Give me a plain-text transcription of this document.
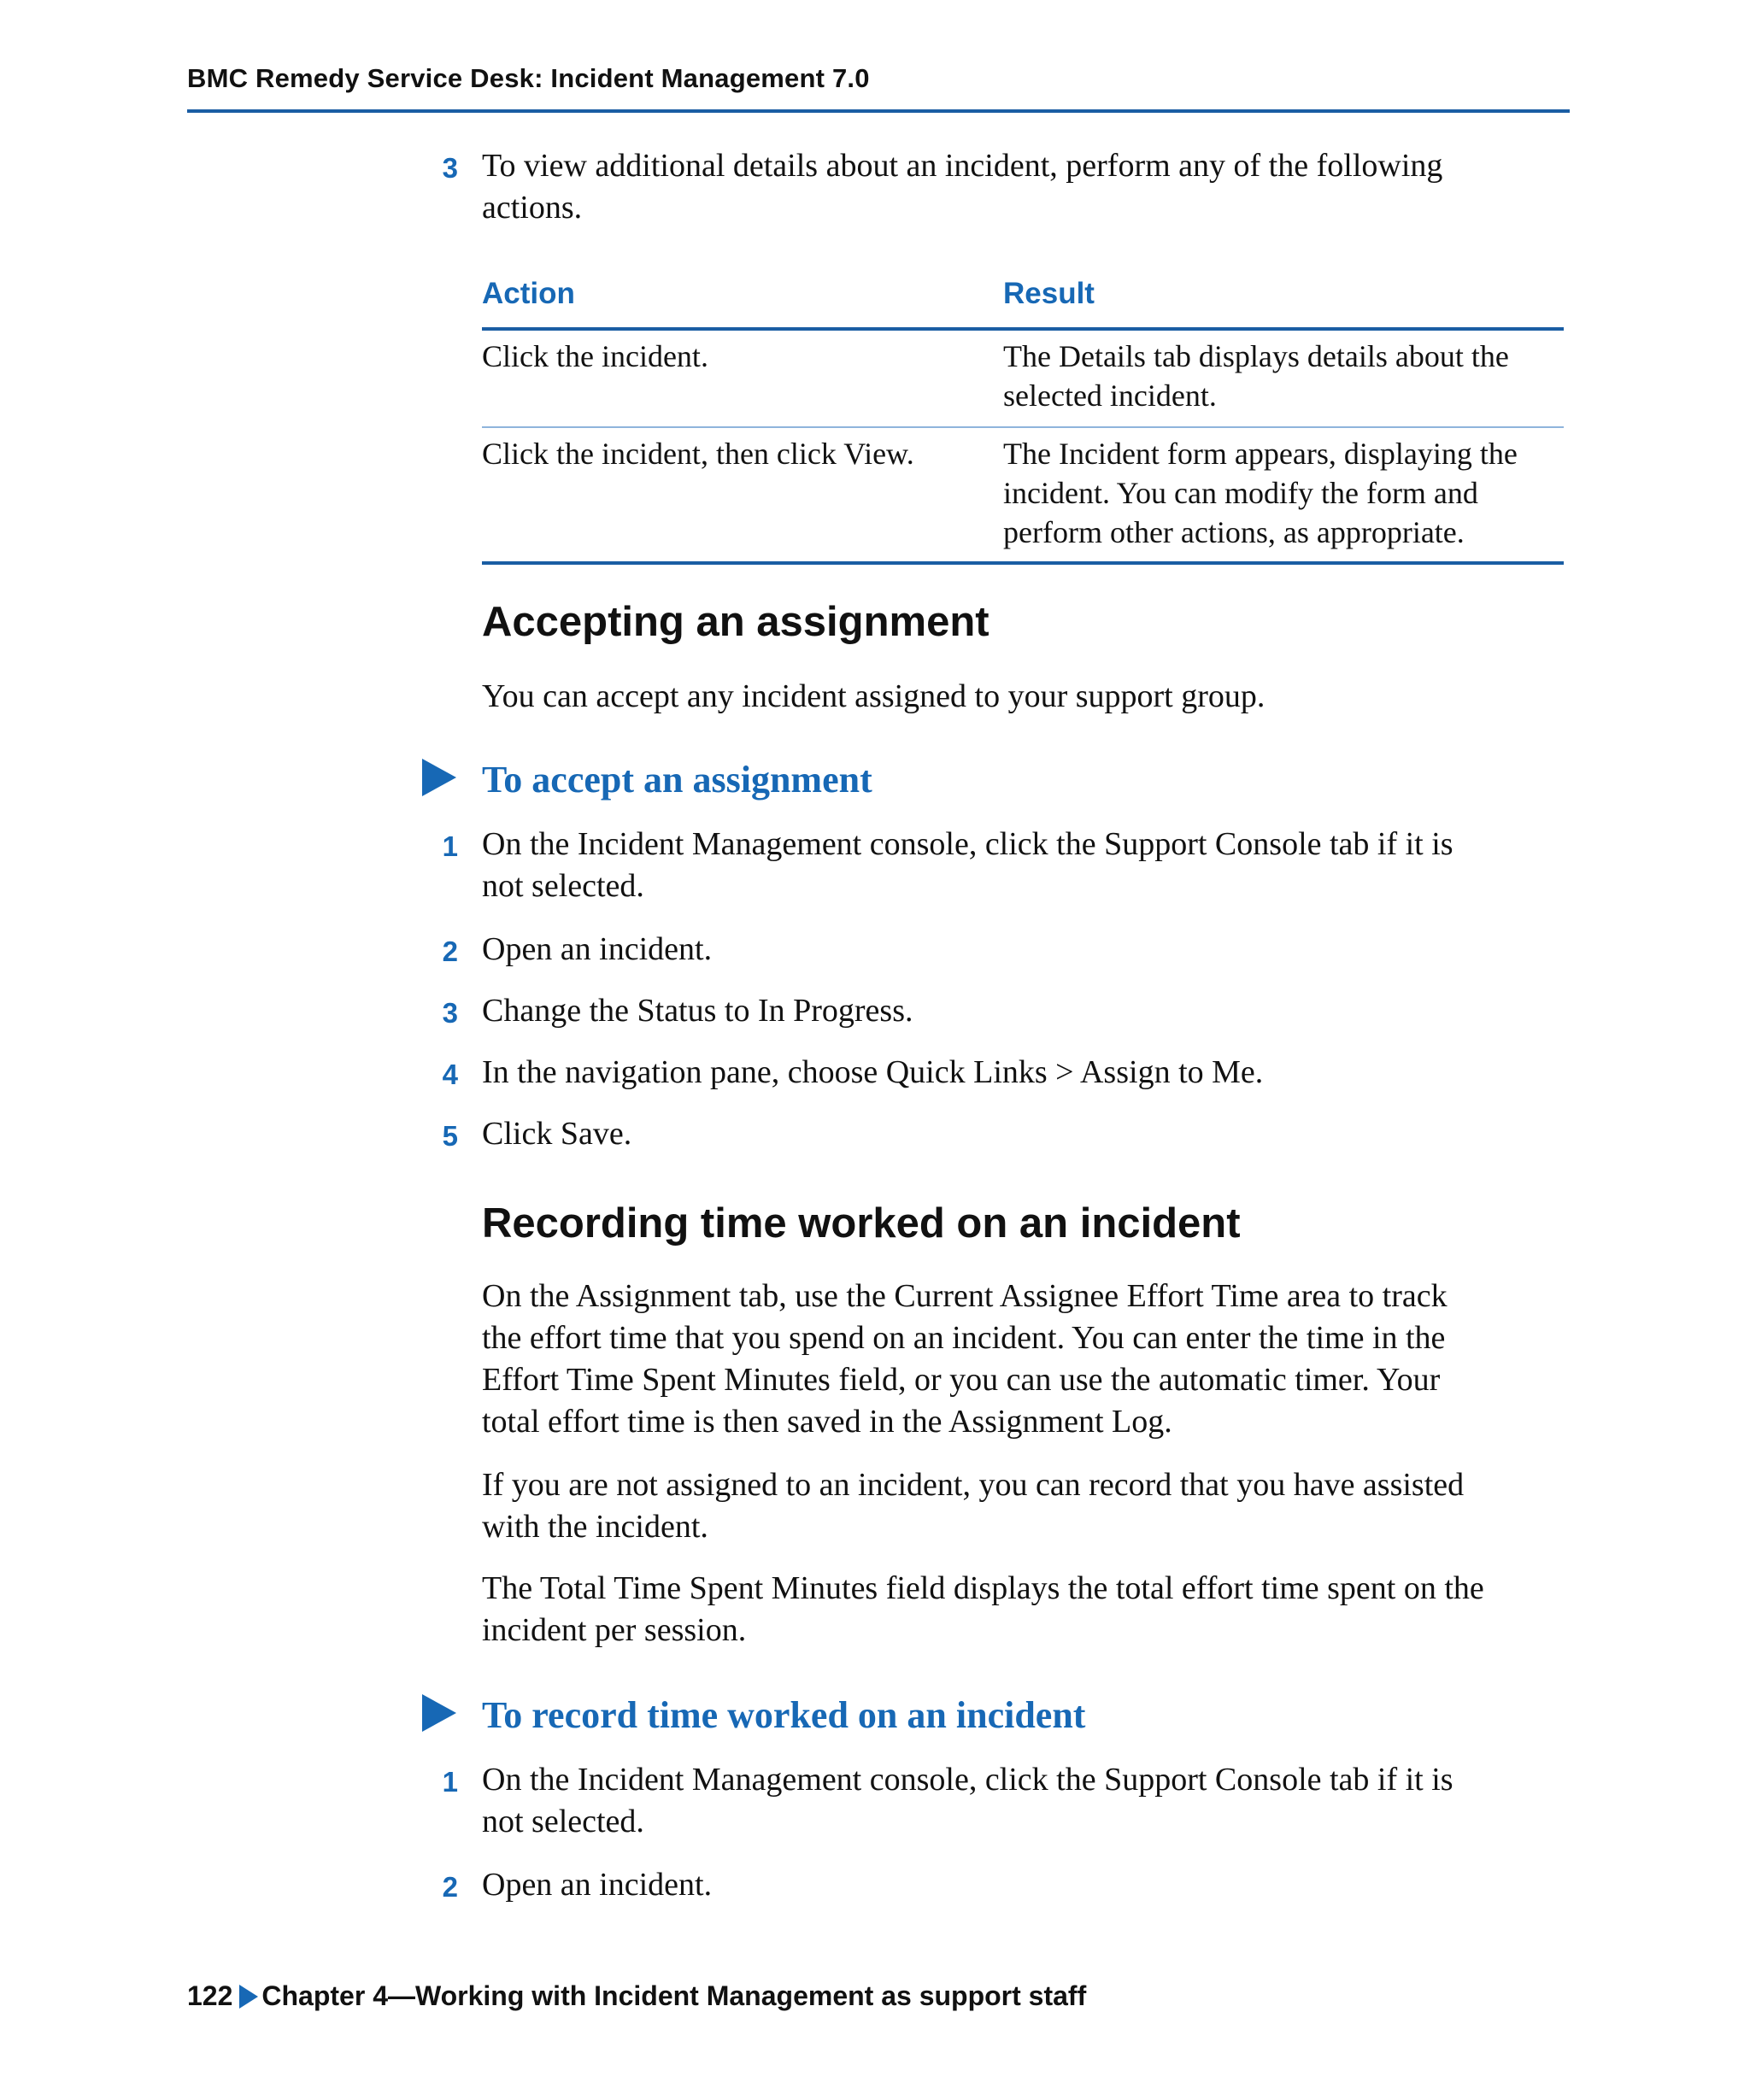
BMC Remedy Service Desk: Incident Management 7.0
3 To view additional details about an incident, perform any of the following
actions.
Action	Result
Click the incident.	The Details tab displays details about the
selected incident.
Click the incident, then click View.	The Incident form appears, displaying the
incident. You can modify the form and
perform other actions, as appropriate.
Accepting an assignment
You can accept any incident assigned to your support group.
To accept an assignment
1 On the Incident Management console, click the Support Console tab if it is
not selected.
2 Open an incident.
3 Change the Status to In Progress.
4 In the navigation pane, choose Quick Links > Assign to Me.
5 Click Save.
Recording time worked on an incident
On the Assignment tab, use the Current Assignee Effort Time area to track
the effort time that you spend on an incident. You can enter the time in the
Effort Time Spent Minutes field, or you can use the automatic timer. Your
total effort time is then saved in the Assignment Log.
If you are not assigned to an incident, you can record that you have assisted
with the incident.
The Total Time Spent Minutes field displays the total effort time spent on the
incident per session.
To record time worked on an incident
1 On the Incident Management console, click the Support Console tab if it is
not selected.
2 Open an incident.
122 Chapter 4—Working with Incident Management as support staff
